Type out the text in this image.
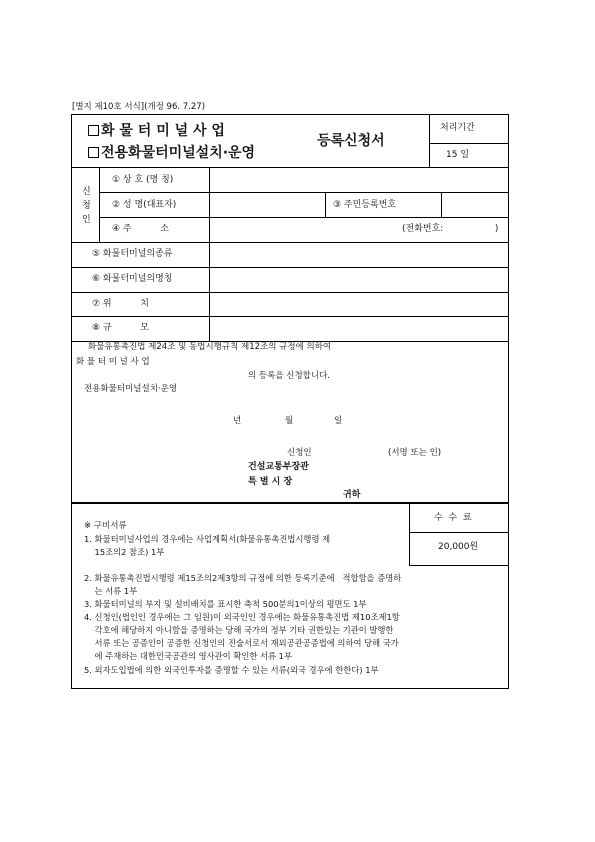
[별지 제10호 서식](개정 96. 7.27)
화 물 터 미 널 사 업
전용화물터미널설치·운영
등록신청서
처리기간
15 일
신
청
인
① 상 호 (명 칭)
② 성 명(대표자)	③ 주민등록번호
④ 주          소	(전화번호:                  )
⑤ 화물터미널의종류
⑥ 화물터미널의명칭
⑦ 위          치
⑧ 규          모
화물유통촉진법 제24조 및 동법시행규칙 제12조의 규정에 의하여
화 물 터 미 널 사 업
의 등록을 신청합니다.
전용화물터미널설치·운영
년	월	일
신청인	(서명 또는 인)
건설교통부장관
특 별 시 장
귀하
수  수  료
20,000원
※ 구비서류
1. 화물터미널사업의 경우에는 사업계획서(화물유통촉진법시행령 제
15조의2 참조) 1부
2. 화물유통촉진법시행령 제15조의2제3항의 규정에 의한 등록기준에   적합함을 증명하
는 서류 1부
3. 화물터미널의 부지 및 설비배치를 표시한 축척 500분의1이상의 평면도 1부
4. 신청인(법인인 경우에는 그 임원)이 외국인인 경우에는 화물유통촉진법 제10조제1항
각호에 해당하지 아니함을 증명하는 당해 국가의 정부 기타 권한있는 기관이 발행한
서류 또는 공증인이 공증한 신청인의 진술서로서 재외공관공증법에 의하여 당해 국가
에 주재하는 대한민국공관의 영사관이 확인한 서류 1부
5. 외자도입법에 의한 외국인투자를 증명할 수 있는 서류(외국 경우에 한한다) 1부
